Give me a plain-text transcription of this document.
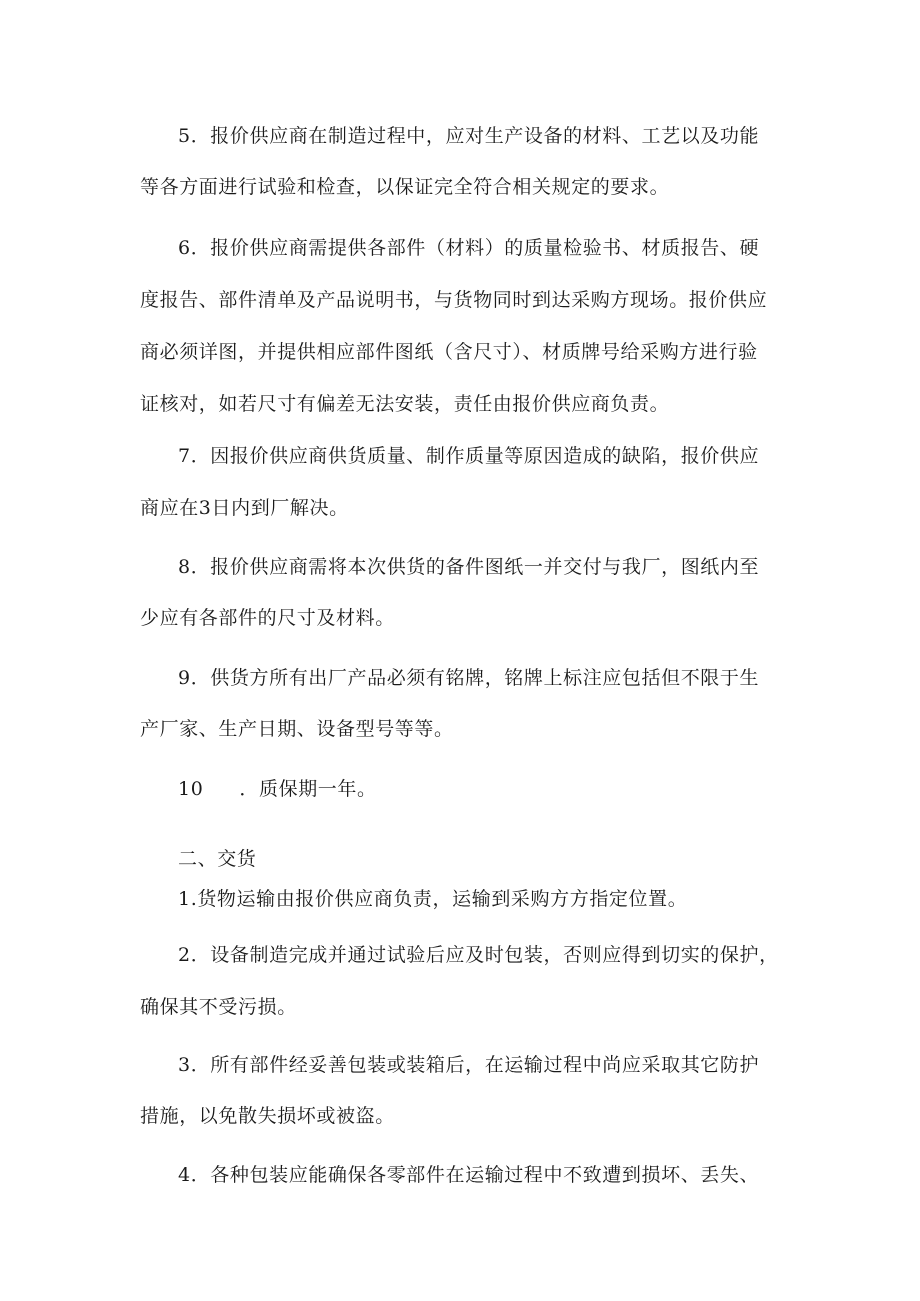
5．报价供应商在制造过程中，应对生产设备的材料、工艺以及功能
等各方面进行试验和检查，以保证完全符合相关规定的要求。
6．报价供应商需提供各部件（材料）的质量检验书、材质报告、硬
度报告、部件清单及产品说明书，与货物同时到达采购方现场。报价供应
商必须详图，并提供相应部件图纸（含尺寸）、材质牌号给采购方进行验
证核对，如若尺寸有偏差无法安装，责任由报价供应商负责。
7．因报价供应商供货质量、制作质量等原因造成的缺陷，报价供应
商应在3日内到厂解决。
8．报价供应商需将本次供货的备件图纸一并交付与我厂，图纸内至
少应有各部件的尺寸及材料。
9．供货方所有出厂产品必须有铭牌，铭牌上标注应包括但不限于生
产厂家、生产日期、设备型号等等。
10 ．质保期一年。
二、交货
1.货物运输由报价供应商负责，运输到采购方方指定位置。
2．设备制造完成并通过试验后应及时包装，否则应得到切实的保护，
确保其不受污损。
3．所有部件经妥善包装或装箱后，在运输过程中尚应采取其它防护
措施，以免散失损坏或被盗。
4．各种包装应能确保各零部件在运输过程中不致遭到损坏、丢失、
